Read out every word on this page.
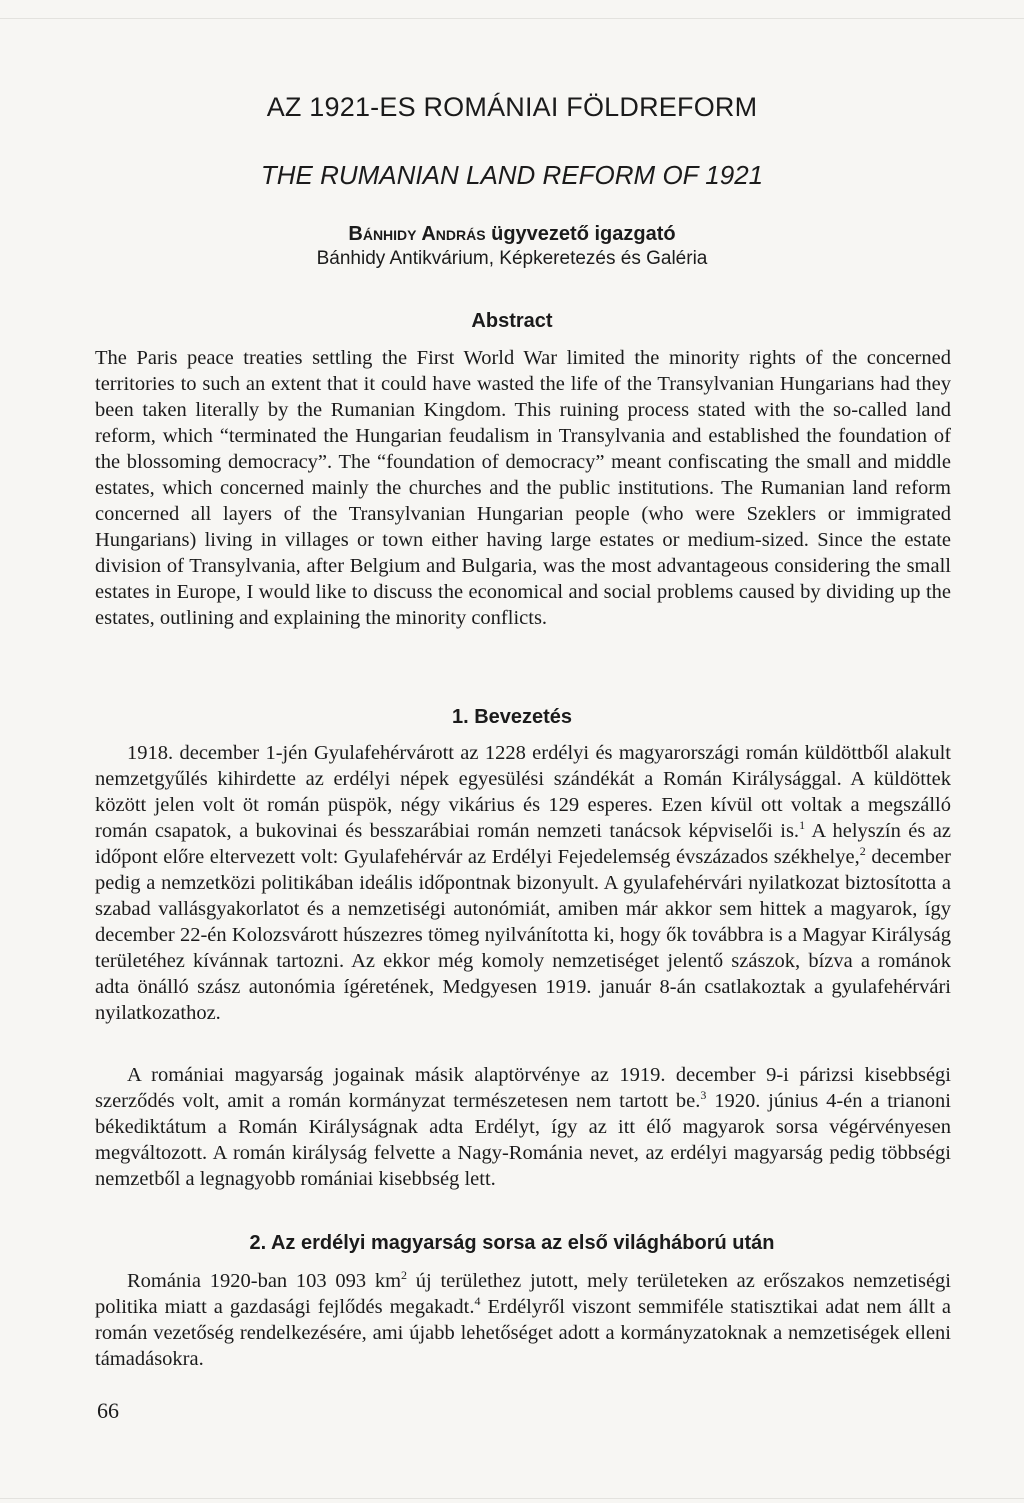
AZ 1921-ES ROMÁNIAI FÖLDREFORM
THE RUMANIAN LAND REFORM OF 1921
Bánhidy András ügyvezető igazgató
Bánhidy Antikvárium, Képkeretezés és Galéria
Abstract

The Paris peace treaties settling the First World War limited the minority rights of the concerned territories to such an extent that it could have wasted the life of the Transylvanian Hungarians had they been taken literally by the Rumanian Kingdom. This ruining process stated with the so-called land reform, which “terminated the Hungarian feudalism in Transylvania and established the foundation of the blossoming democracy”. The “foundation of democracy” meant confiscating the small and middle estates, which concerned mainly the churches and the public institutions. The Rumanian land reform concerned all layers of the Transylvanian Hungarian people (who were Szeklers or immigrated Hungarians) living in villages or town either having large estates or medium-sized. Since the estate division of Transylvania, after Belgium and Bulgaria, was the most advantageous considering the small estates in Europe, I would like to discuss the economical and social problems caused by dividing up the estates, outlining and explaining the minority conflicts.

1. Bevezetés

1918. december 1-jén Gyulafehérvárott az 1228 erdélyi és magyarországi román küldöttből alakult nemzetgyűlés kihirdette az erdélyi népek egyesülési szándékát a Román Királysággal. A küldöttek között jelen volt öt román püspök, négy vikárius és 129 esperes. Ezen kívül ott voltak a megszálló román csapatok, a bukovinai és besszarábiai román nemzeti tanácsok képviselői is.$^1$ A helyszín és az időpont előre eltervezett volt: Gyulafehérvár az Erdélyi Fejedelemség évszázados székhelye,$^2$ december pedig a nemzetközi politikában ideális időpontnak bizonyult. A gyulafehérvári nyilatkozat biztosította a szabad vallásgyakorlatot és a nemzetiségi autonómiát, amiben már akkor sem hittek a magyarok, így december 22-én Kolozsvárott húszezres tömeg nyilvánította ki, hogy ők továbbra is a Magyar Királyság területéhez kívánnak tartozni. Az ekkor még komoly nemzetiséget jelentő szászok, bízva a románok adta önálló szász autonómia ígéretének, Medgyesen 1919. január 8-án csatlakoztak a gyulafehérvári nyilatkozathoz.

A romániai magyarság jogainak másik alaptörvénye az 1919. december 9-i párizsi kisebbségi szerződés volt, amit a román kormányzat természetesen nem tartott be.$^3$ 1920. június 4-én a trianoni békediktátum a Román Királyságnak adta Erdélyt, így az itt élő magyarok sorsa végérvényesen megváltozott. A román királyság felvette a Nagy-Románia nevet, az erdélyi magyarság pedig többségi nemzetből a legnagyobb romániai kisebbség lett.

2. Az erdélyi magyarság sorsa az első világháború után

Románia 1920-ban 103 093 $km^2$ új területhez jutott, mely területeken az erőszakos nemzetiségi politika miatt a gazdasági fejlődés megakadt.$^4$ Erdélyről viszont semmiféle statisztikai adat nem állt a román vezetőség rendelkezésére, ami újabb lehetőséget adott a kormányzatoknak a nemzetiségek elleni támadásokra.

66
